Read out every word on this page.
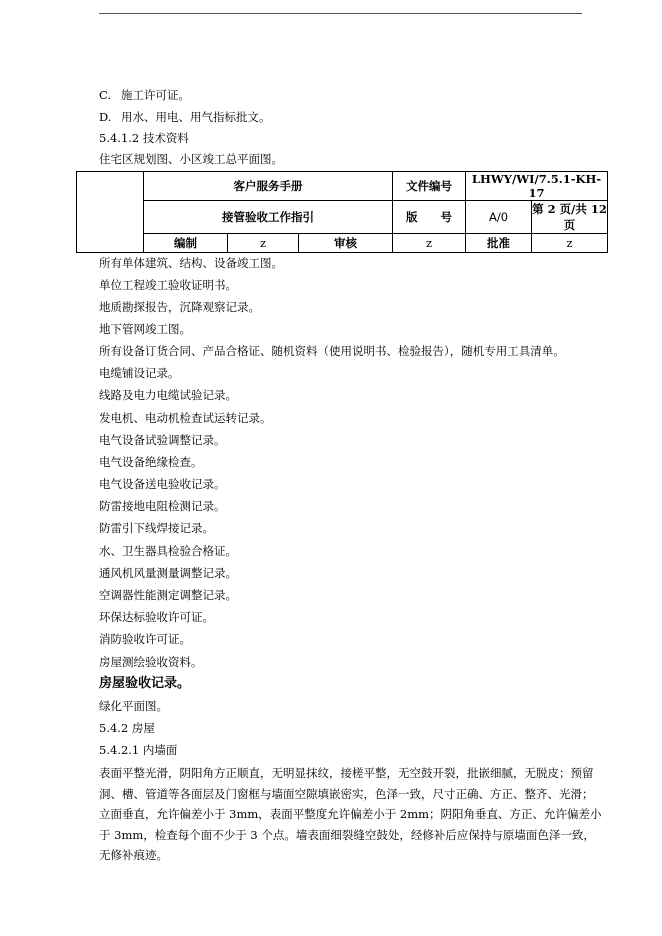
C. 施工许可证。
D. 用水、用电、用气指标批文。
5.4.1.2 技术资料
住宅区规划图、小区竣工总平面图。
	客户服务手册			文件编号	LHWY/WI/7.5.1-KH-17	
	接管验收工作指引			版　　号	A/0	第 2 页/共 12 页
	编制	z	审核	z	批准	z
所有单体建筑、结构、设备竣工图。
单位工程竣工验收证明书。
地质勘探报告，沉降观察记录。
地下管网竣工图。
所有设备订货合同、产品合格证、随机资料（使用说明书、检验报告），随机专用工具清单。
电缆铺设记录。
线路及电力电缆试验记录。
发电机、电动机检查试运转记录。
电气设备试验调整记录。
电气设备绝缘检查。
电气设备送电验收记录。
防雷接地电阻检测记录。
防雷引下线焊接记录。
水、卫生器具检验合格证。
通风机风量测量调整记录。
空调器性能测定调整记录。
环保达标验收许可证。
消防验收许可证。
房屋测绘验收资料。
房屋验收记录。
绿化平面图。
5.4.2 房屋
5.4.2.1 内墙面
表面平整光滑，阴阳角方正顺直，无明显抹纹，接槎平整，无空鼓开裂，批嵌细腻，无脱皮；预留
洞、槽、管道等各面层及门窗框与墙面空隙填嵌密实，色泽一致，尺寸正确、方正、整齐、光滑；
立面垂直，允许偏差小于 3mm，表面平整度允许偏差小于 2mm；阴阳角垂直、方正、允许偏差小
于 3mm，检查每个面不少于 3 个点。墙表面细裂缝空鼓处，经修补后应保持与原墙面色泽一致，
无修补痕迹。
